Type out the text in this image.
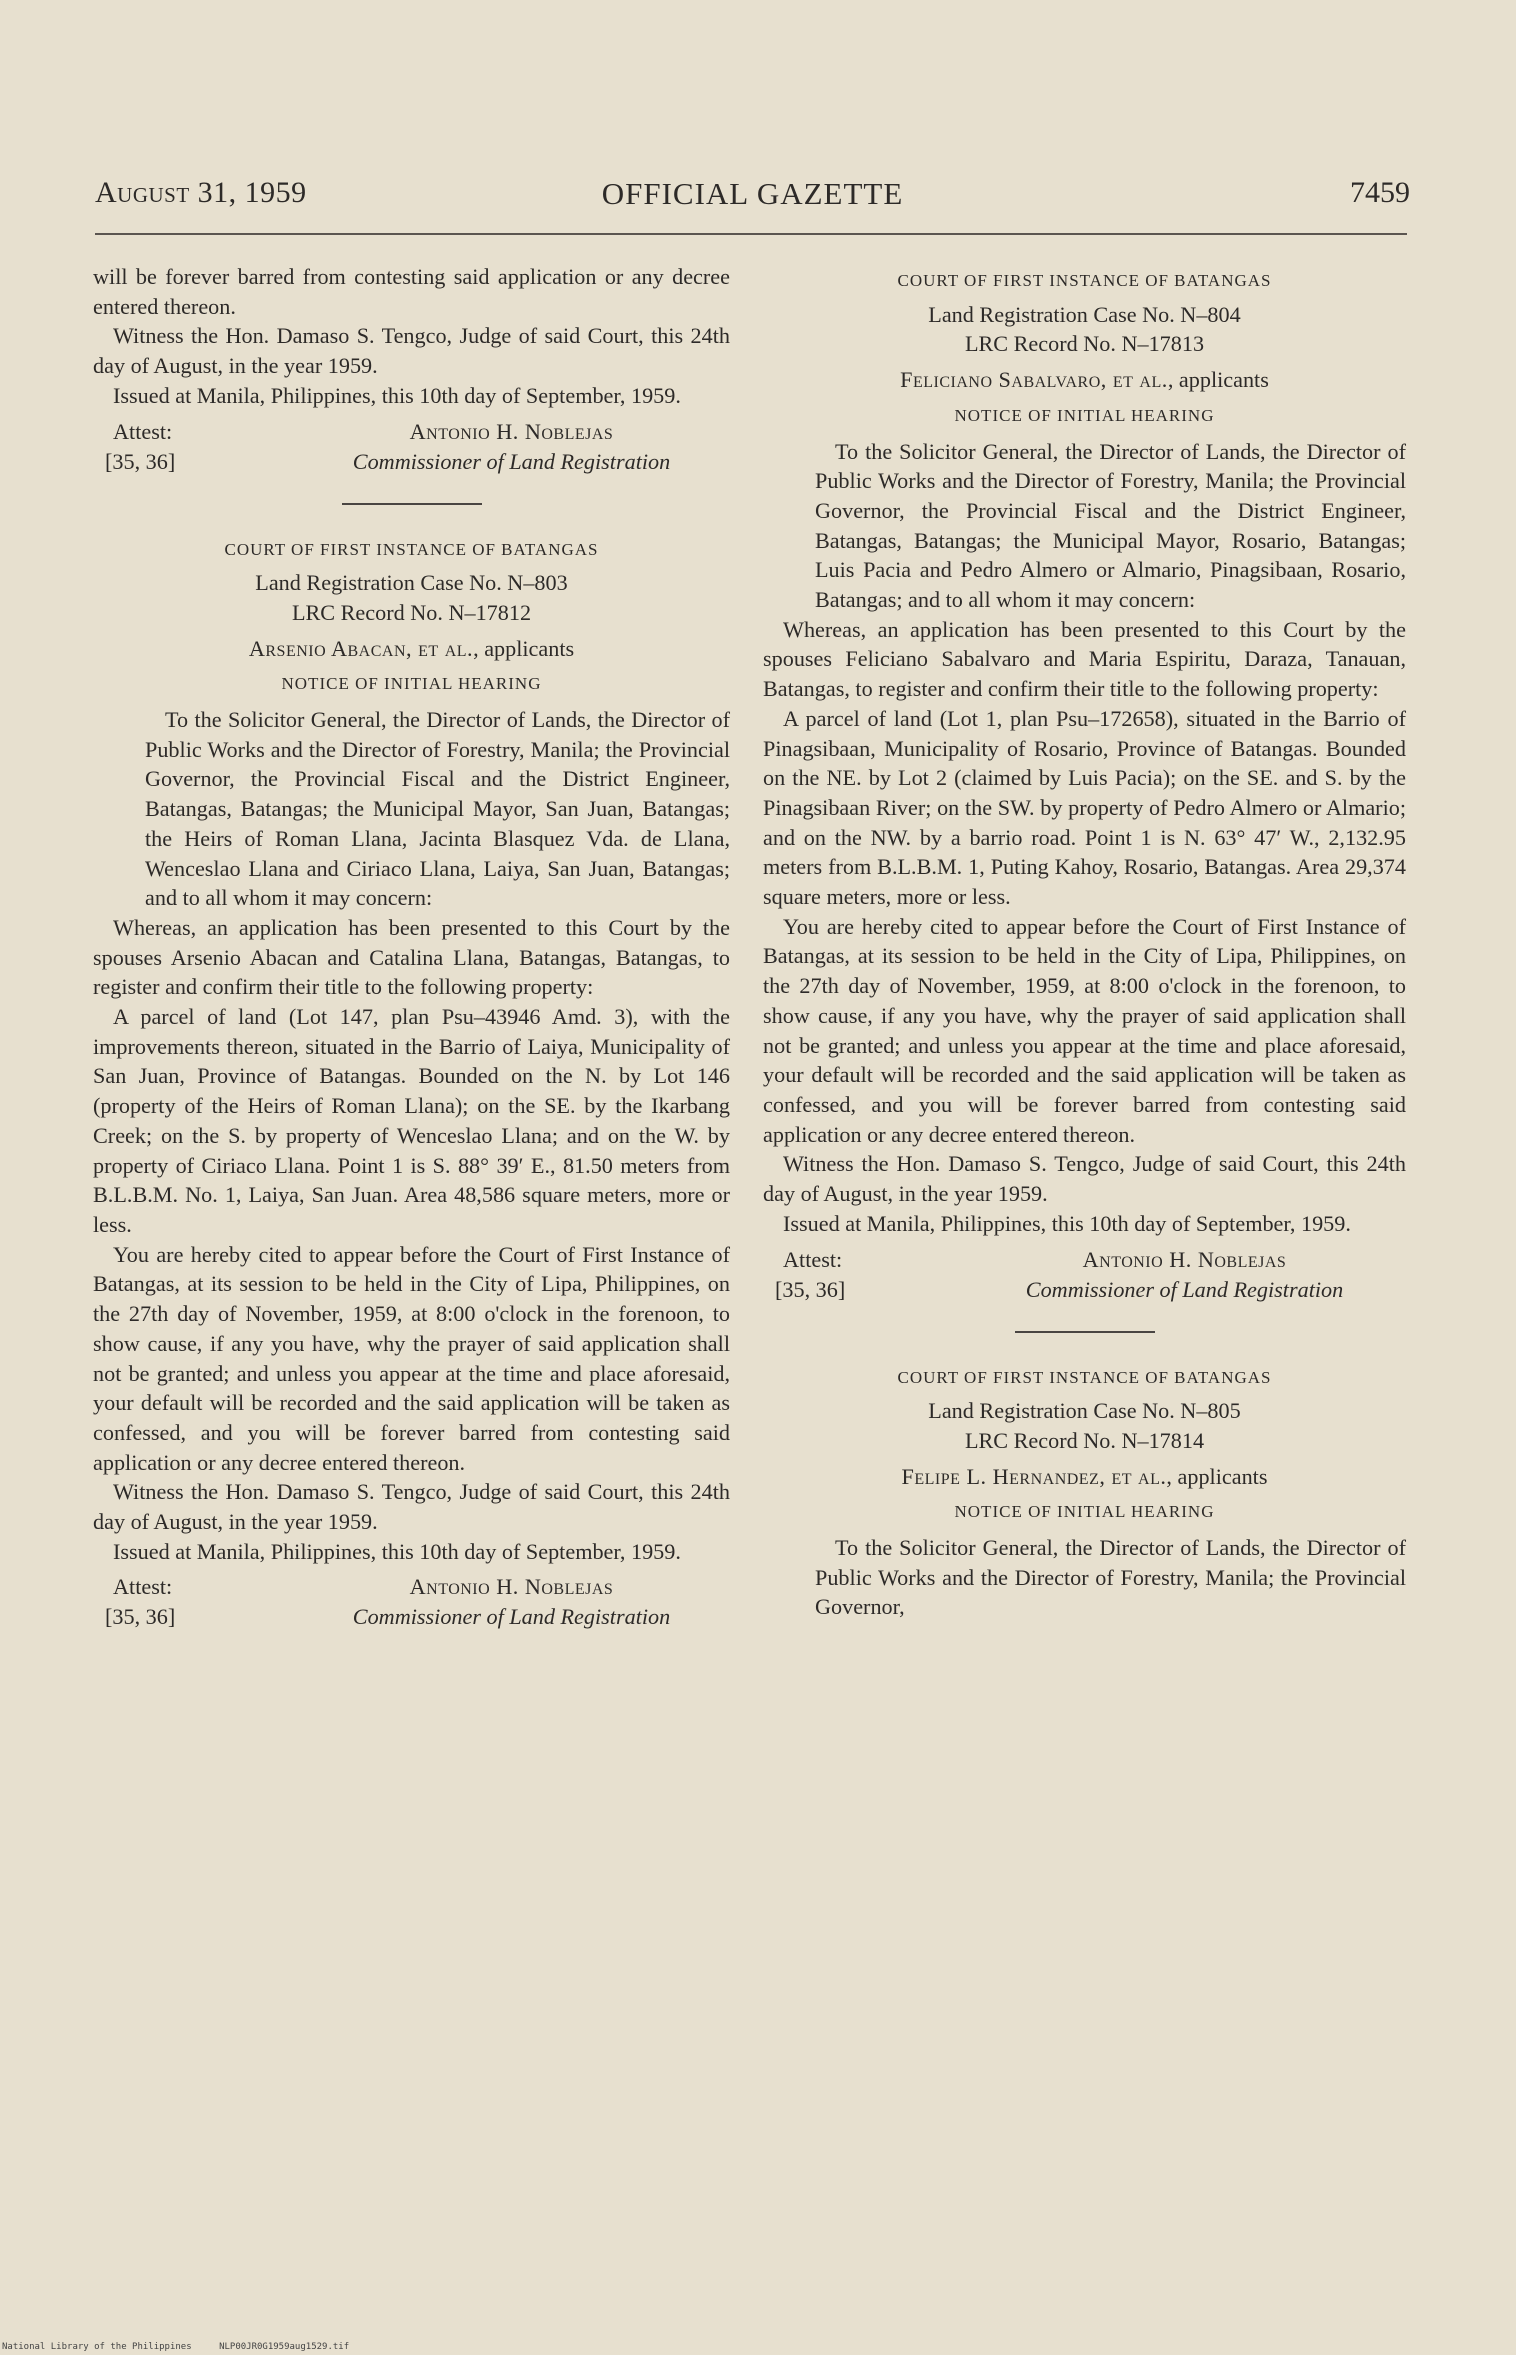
August 31, 1959	OFFICIAL GAZETTE	7459

will be forever barred from contesting said application or any decree entered thereon.

Witness the Hon. Damaso S. Tengco, Judge of said Court, this 24th day of August, in the year 1959.

Issued at Manila, Philippines, this 10th day of September, 1959.

Attest:	Antonio H. Noblejas
[35, 36]	Commissioner of Land Registration
COURT OF FIRST INSTANCE OF BATANGAS
Land Registration Case No. N–803
LRC Record No. N–17812
Arsenio Abacan, et al., applicants
NOTICE OF INITIAL HEARING

To the Solicitor General, the Director of Lands, the Director of Public Works and the Director of Forestry, Manila; the Provincial Governor, the Provincial Fiscal and the District Engineer, Batangas, Batangas; the Municipal Mayor, San Juan, Batangas; the Heirs of Roman Llana, Jacinta Blasquez Vda. de Llana, Wenceslao Llana and Ciriaco Llana, Laiya, San Juan, Batangas; and to all whom it may concern:

Whereas, an application has been presented to this Court by the spouses Arsenio Abacan and Catalina Llana, Batangas, Batangas, to register and confirm their title to the following property:

A parcel of land (Lot 147, plan Psu–43946 Amd. 3), with the improvements thereon, situated in the Barrio of Laiya, Municipality of San Juan, Province of Batangas. Bounded on the N. by Lot 146 (property of the Heirs of Roman Llana); on the SE. by the Ikarbang Creek; on the S. by property of Wenceslao Llana; and on the W. by property of Ciriaco Llana. Point 1 is S. 88° 39′ E., 81.50 meters from B.L.B.M. No. 1, Laiya, San Juan. Area 48,586 square meters, more or less.

You are hereby cited to appear before the Court of First Instance of Batangas, at its session to be held in the City of Lipa, Philippines, on the 27th day of November, 1959, at 8:00 o'clock in the forenoon, to show cause, if any you have, why the prayer of said application shall not be granted; and unless you appear at the time and place aforesaid, your default will be recorded and the said application will be taken as confessed, and you will be forever barred from contesting said application or any decree entered thereon.

Witness the Hon. Damaso S. Tengco, Judge of said Court, this 24th day of August, in the year 1959.

Issued at Manila, Philippines, this 10th day of September, 1959.

Attest:	Antonio H. Noblejas
[35, 36]	Commissioner of Land Registration
COURT OF FIRST INSTANCE OF BATANGAS
Land Registration Case No. N–804
LRC Record No. N–17813
Feliciano Sabalvaro, et al., applicants
NOTICE OF INITIAL HEARING

To the Solicitor General, the Director of Lands, the Director of Public Works and the Director of Forestry, Manila; the Provincial Governor, the Provincial Fiscal and the District Engineer, Batangas, Batangas; the Municipal Mayor, Rosario, Batangas; Luis Pacia and Pedro Almero or Almario, Pinagsibaan, Rosario, Batangas; and to all whom it may concern:

Whereas, an application has been presented to this Court by the spouses Feliciano Sabalvaro and Maria Espiritu, Daraza, Tanauan, Batangas, to register and confirm their title to the following property:

A parcel of land (Lot 1, plan Psu–172658), situated in the Barrio of Pinagsibaan, Municipality of Rosario, Province of Batangas. Bounded on the NE. by Lot 2 (claimed by Luis Pacia); on the SE. and S. by the Pinagsibaan River; on the SW. by property of Pedro Almero or Almario; and on the NW. by a barrio road. Point 1 is N. 63° 47′ W., 2,132.95 meters from B.L.B.M. 1, Puting Kahoy, Rosario, Batangas. Area 29,374 square meters, more or less.

You are hereby cited to appear before the Court of First Instance of Batangas, at its session to be held in the City of Lipa, Philippines, on the 27th day of November, 1959, at 8:00 o'clock in the forenoon, to show cause, if any you have, why the prayer of said application shall not be granted; and unless you appear at the time and place aforesaid, your default will be recorded and the said application will be taken as confessed, and you will be forever barred from contesting said application or any decree entered thereon.

Witness the Hon. Damaso S. Tengco, Judge of said Court, this 24th day of August, in the year 1959.

Issued at Manila, Philippines, this 10th day of September, 1959.

Attest:	Antonio H. Noblejas
[35, 36]	Commissioner of Land Registration
COURT OF FIRST INSTANCE OF BATANGAS
Land Registration Case No. N–805
LRC Record No. N–17814
Felipe L. Hernandez, et al., applicants
NOTICE OF INITIAL HEARING

To the Solicitor General, the Director of Lands, the Director of Public Works and the Director of Forestry, Manila; the Provincial Governor,

National Library of the Philippines	NLP00JR0G1959aug1529.tif
